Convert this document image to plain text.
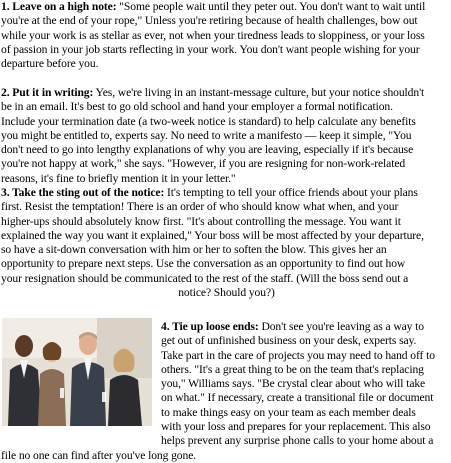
1. Leave on a high note: "Some people wait until they peter out. You don't want to wait until
you're at the end of your rope," Unless you're retiring because of health challenges, bow out
while your work is as stellar as ever, not when your tiredness leads to sloppiness, or your loss
of passion in your job starts reflecting in your work. You don't want people wishing for your
departure before you.
2. Put it in writing: Yes, we're living in an instant-message culture, but your notice shouldn't
be in an email. It's best to go old school and hand your employer a formal notification.
Include your termination date (a two-week notice is standard) to help calculate any benefits
you might be entitled to, experts say. No need to write a manifesto — keep it simple, "You
don't need to go into lengthy explanations of why you are leaving, especially if it's because
you're not happy at work," she says. "However, if you are resigning for non-work-related
reasons, it's fine to briefly mention it in your letter."
3. Take the sting out of the notice: It's tempting to tell your office friends about your plans
first. Resist the temptation! There is an order of who should know what when, and your
higher-ups should absolutely know first. "It's about controlling the message. You want it
explained the way you want it explained," Your boss will be most affected by your departure,
so have a sit-down conversation with him or her to soften the blow. This gives her an
opportunity to prepare next steps. Use the conversation as an opportunity to find out how
your resignation should be communicated to the rest of the staff. (Will the boss send out a
notice? Should you?)
4. Tie up loose ends: Don't see you're leaving as a way to
get out of unfinished business on your desk, experts say.
Take part in the care of projects you may need to hand off to
others. "It's a great thing to be on the team that's replacing
you," Williams says. "Be crystal clear about who will take
on what." If necessary, create a transitional file or document
to make things easy on your team as each member deals
with your loss and prepares for your replacement. This also
helps prevent any surprise phone calls to your home about a
file no one can find after you've long gone.
